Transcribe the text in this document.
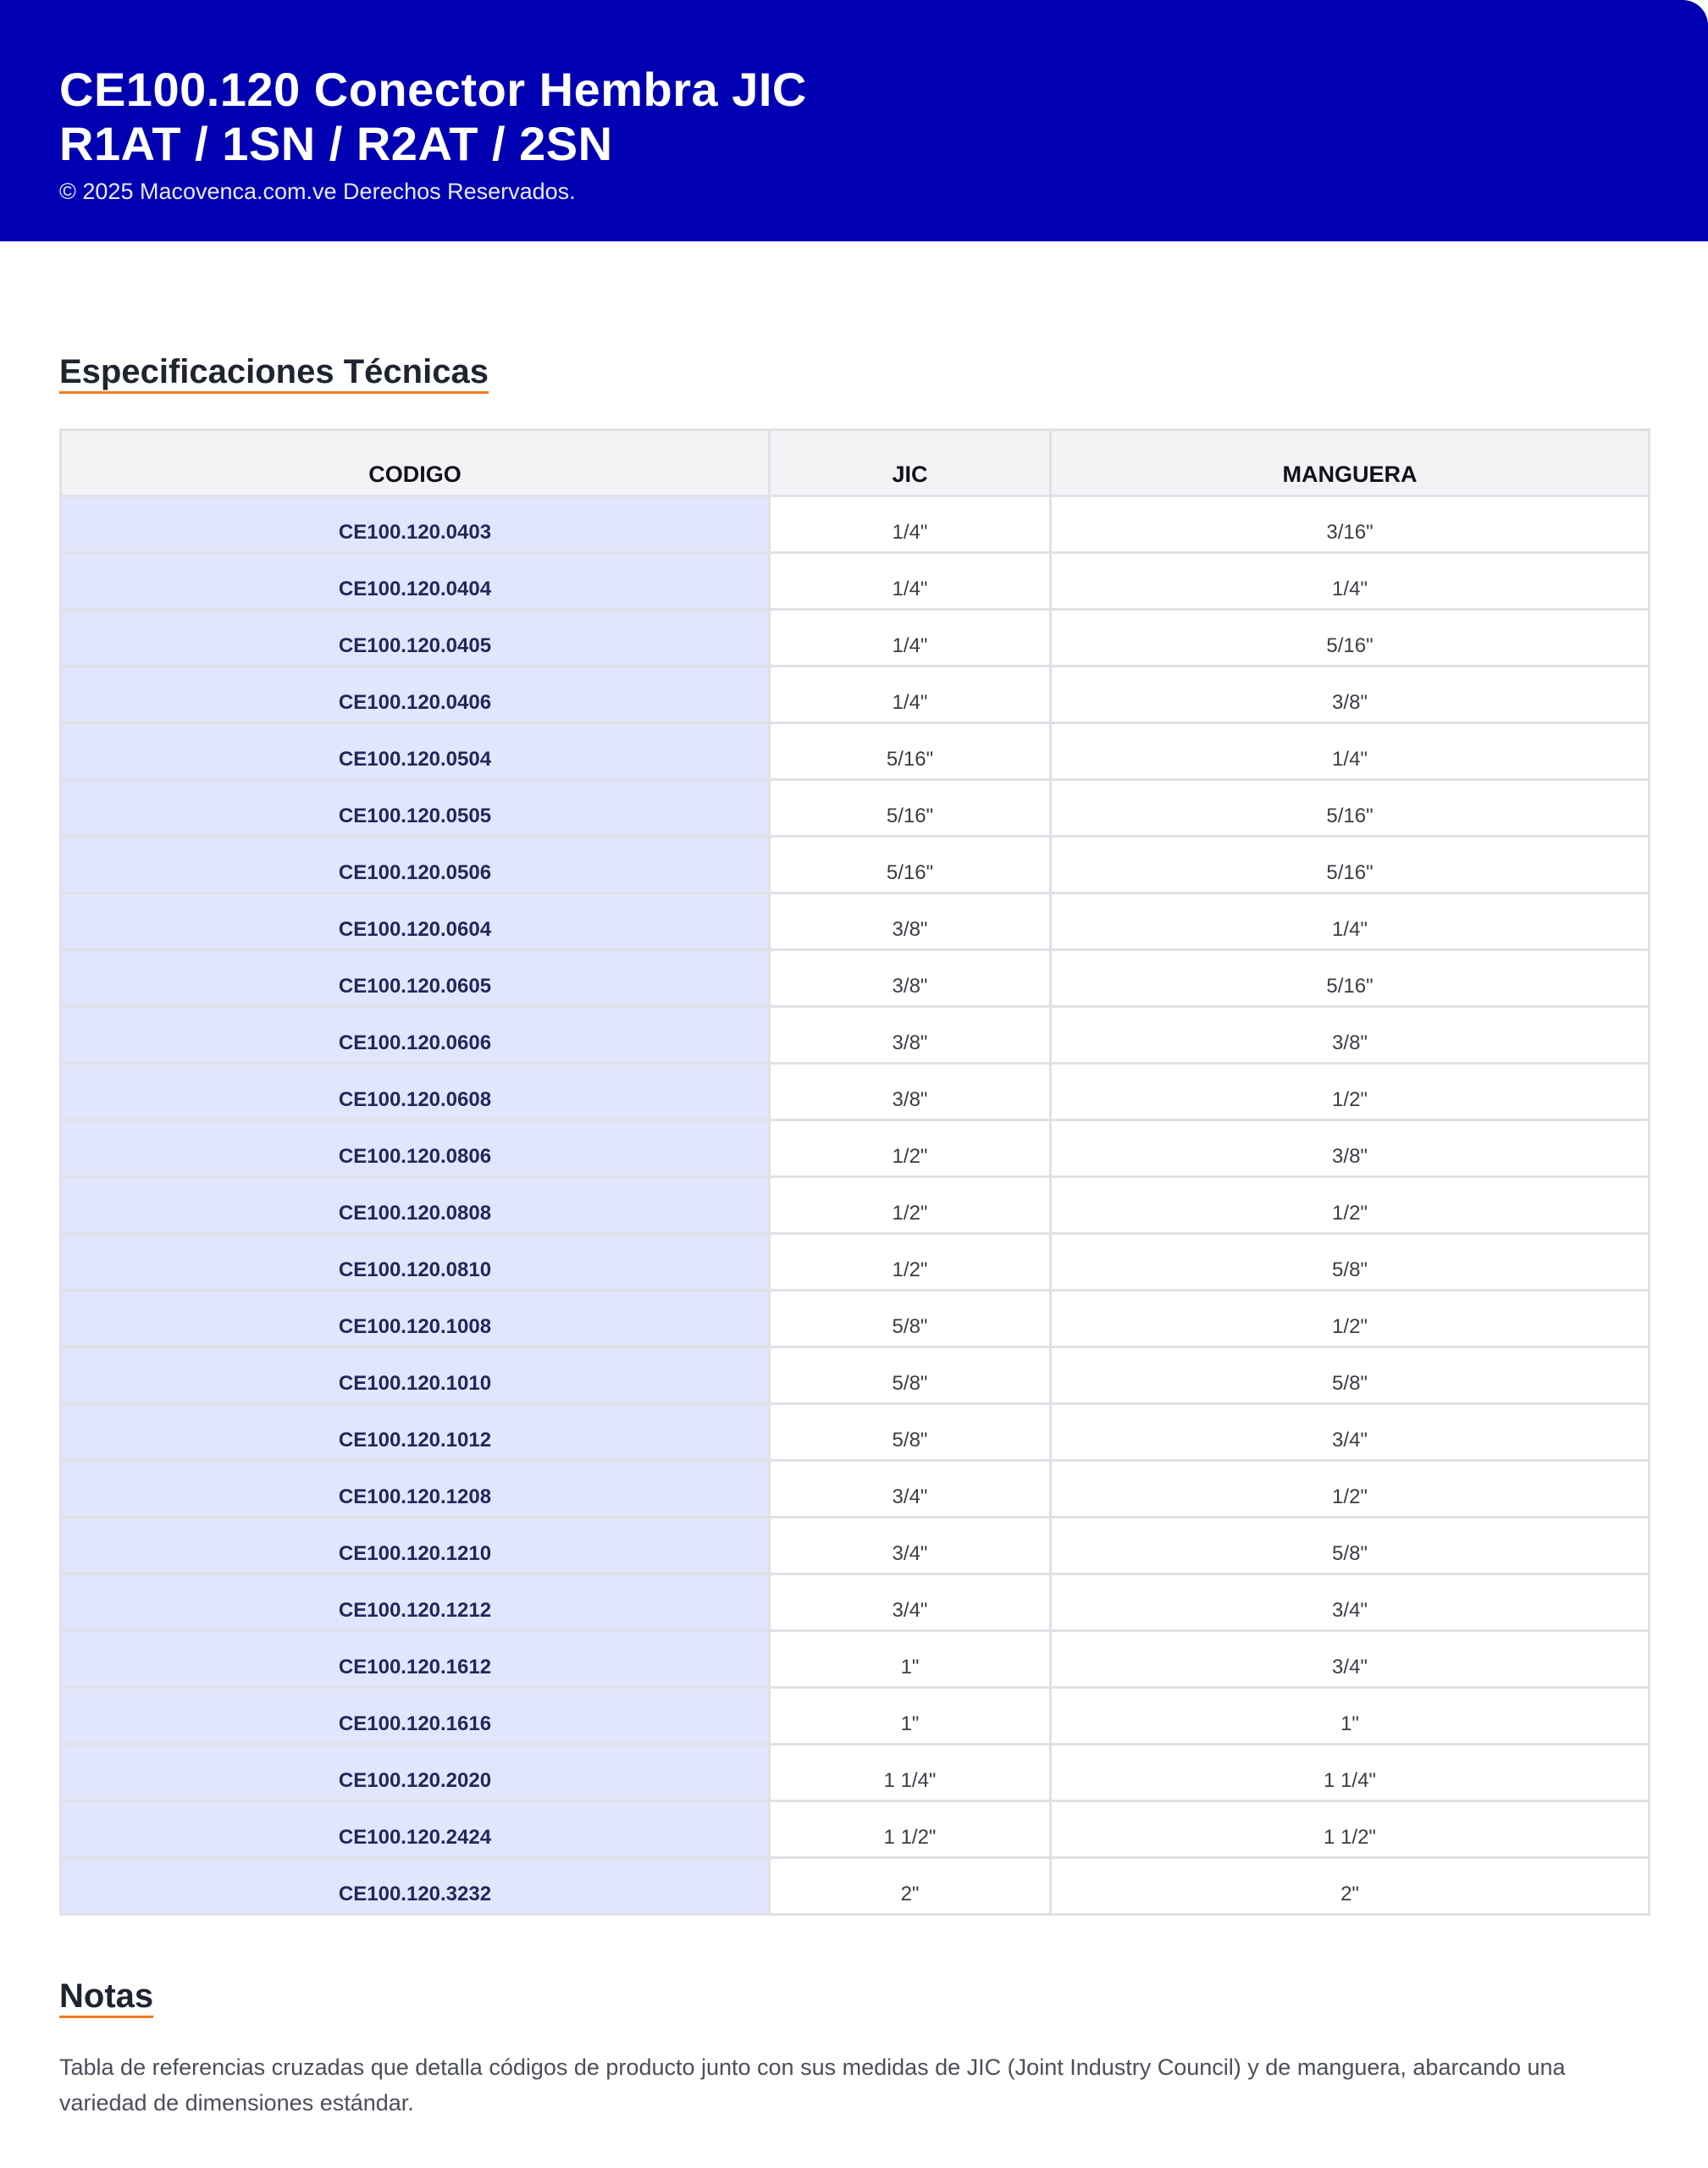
CE100.120 Conector Hembra JIC
R1AT / 1SN / R2AT / 2SN
© 2025 Macovenca.com.ve Derechos Reservados.
Especificaciones Técnicas
CODIGO	JIC	MANGUERA
CE100.120.0403	1/4"	3/16"
CE100.120.0404	1/4"	1/4"
CE100.120.0405	1/4"	5/16"
CE100.120.0406	1/4"	3/8"
CE100.120.0504	5/16"	1/4"
CE100.120.0505	5/16"	5/16"
CE100.120.0506	5/16"	5/16"
CE100.120.0604	3/8"	1/4"
CE100.120.0605	3/8"	5/16"
CE100.120.0606	3/8"	3/8"
CE100.120.0608	3/8"	1/2"
CE100.120.0806	1/2"	3/8"
CE100.120.0808	1/2"	1/2"
CE100.120.0810	1/2"	5/8"
CE100.120.1008	5/8"	1/2"
CE100.120.1010	5/8"	5/8"
CE100.120.1012	5/8"	3/4"
CE100.120.1208	3/4"	1/2"
CE100.120.1210	3/4"	5/8"
CE100.120.1212	3/4"	3/4"
CE100.120.1612	1"	3/4"
CE100.120.1616	1"	1"
CE100.120.2020	1 1/4"	1 1/4"
CE100.120.2424	1 1/2"	1 1/2"
CE100.120.3232	2"	2"
Notas
Tabla de referencias cruzadas que detalla códigos de producto junto con sus medidas de JIC (Joint Industry Council) y de manguera, abarcando una variedad de dimensiones estándar.
